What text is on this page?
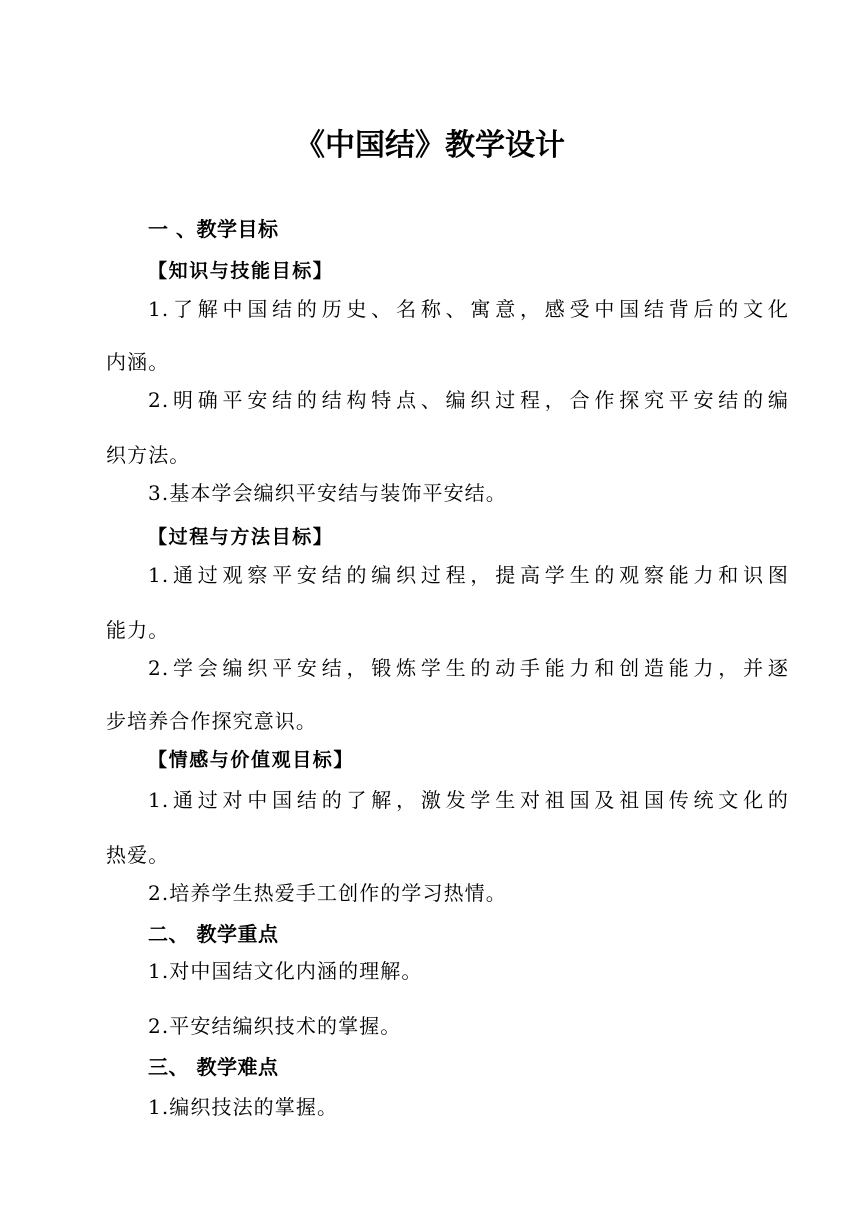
《中国结》教学设计
一 、教学目标
【知识与技能目标】
1.了解中国结的历史、名称、寓意，感受中国结背后的文化
内涵。
2.明确平安结的结构特点、编织过程，合作探究平安结的编
织方法。
3.基本学会编织平安结与装饰平安结。
【过程与方法目标】
1.通过观察平安结的编织过程，提高学生的观察能力和识图
能力。
2.学会编织平安结，锻炼学生的动手能力和创造能力，并逐
步培养合作探究意识。
【情感与价值观目标】
1.通过对中国结的了解，激发学生对祖国及祖国传统文化的
热爱。
2.培养学生热爱手工创作的学习热情。
二、 教学重点
1.对中国结文化内涵的理解。
2.平安结编织技术的掌握。
三、 教学难点
1.编织技法的掌握。
